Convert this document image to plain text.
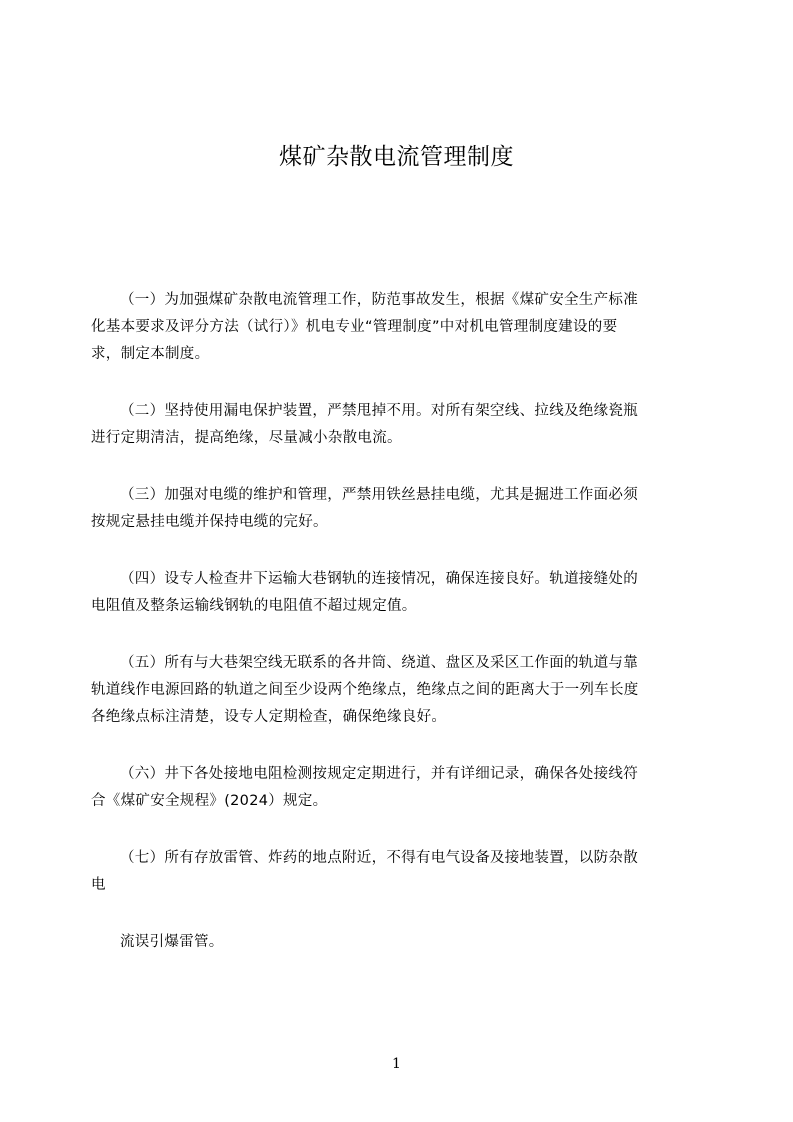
煤矿杂散电流管理制度
（一）为加强煤矿杂散电流管理工作，防范事故发生，根据《煤矿安全生产标准
化基本要求及评分方法（试行）》机电专业“管理制度”中对机电管理制度建设的要
求，制定本制度。
（二）坚持使用漏电保护装置，严禁甩掉不用。对所有架空线、拉线及绝缘瓷瓶
进行定期清洁，提高绝缘，尽量减小杂散电流。
（三）加强对电缆的维护和管理，严禁用铁丝悬挂电缆，尤其是掘进工作面必须
按规定悬挂电缆并保持电缆的完好。
（四）设专人检查井下运输大巷钢轨的连接情况，确保连接良好。轨道接缝处的
电阻值及整条运输线钢轨的电阻值不超过规定值。
（五）所有与大巷架空线无联系的各井筒、绕道、盘区及采区工作面的轨道与靠
轨道线作电源回路的轨道之间至少设两个绝缘点，绝缘点之间的距离大于一列车长度
各绝缘点标注清楚，设专人定期检查，确保绝缘良好。
（六）井下各处接地电阻检测按规定定期进行，并有详细记录，确保各处接线符
合《煤矿安全规程》(2024）规定。
（七）所有存放雷管、炸药的地点附近，不得有电气设备及接地装置，以防杂散
电
流误引爆雷管。
1
